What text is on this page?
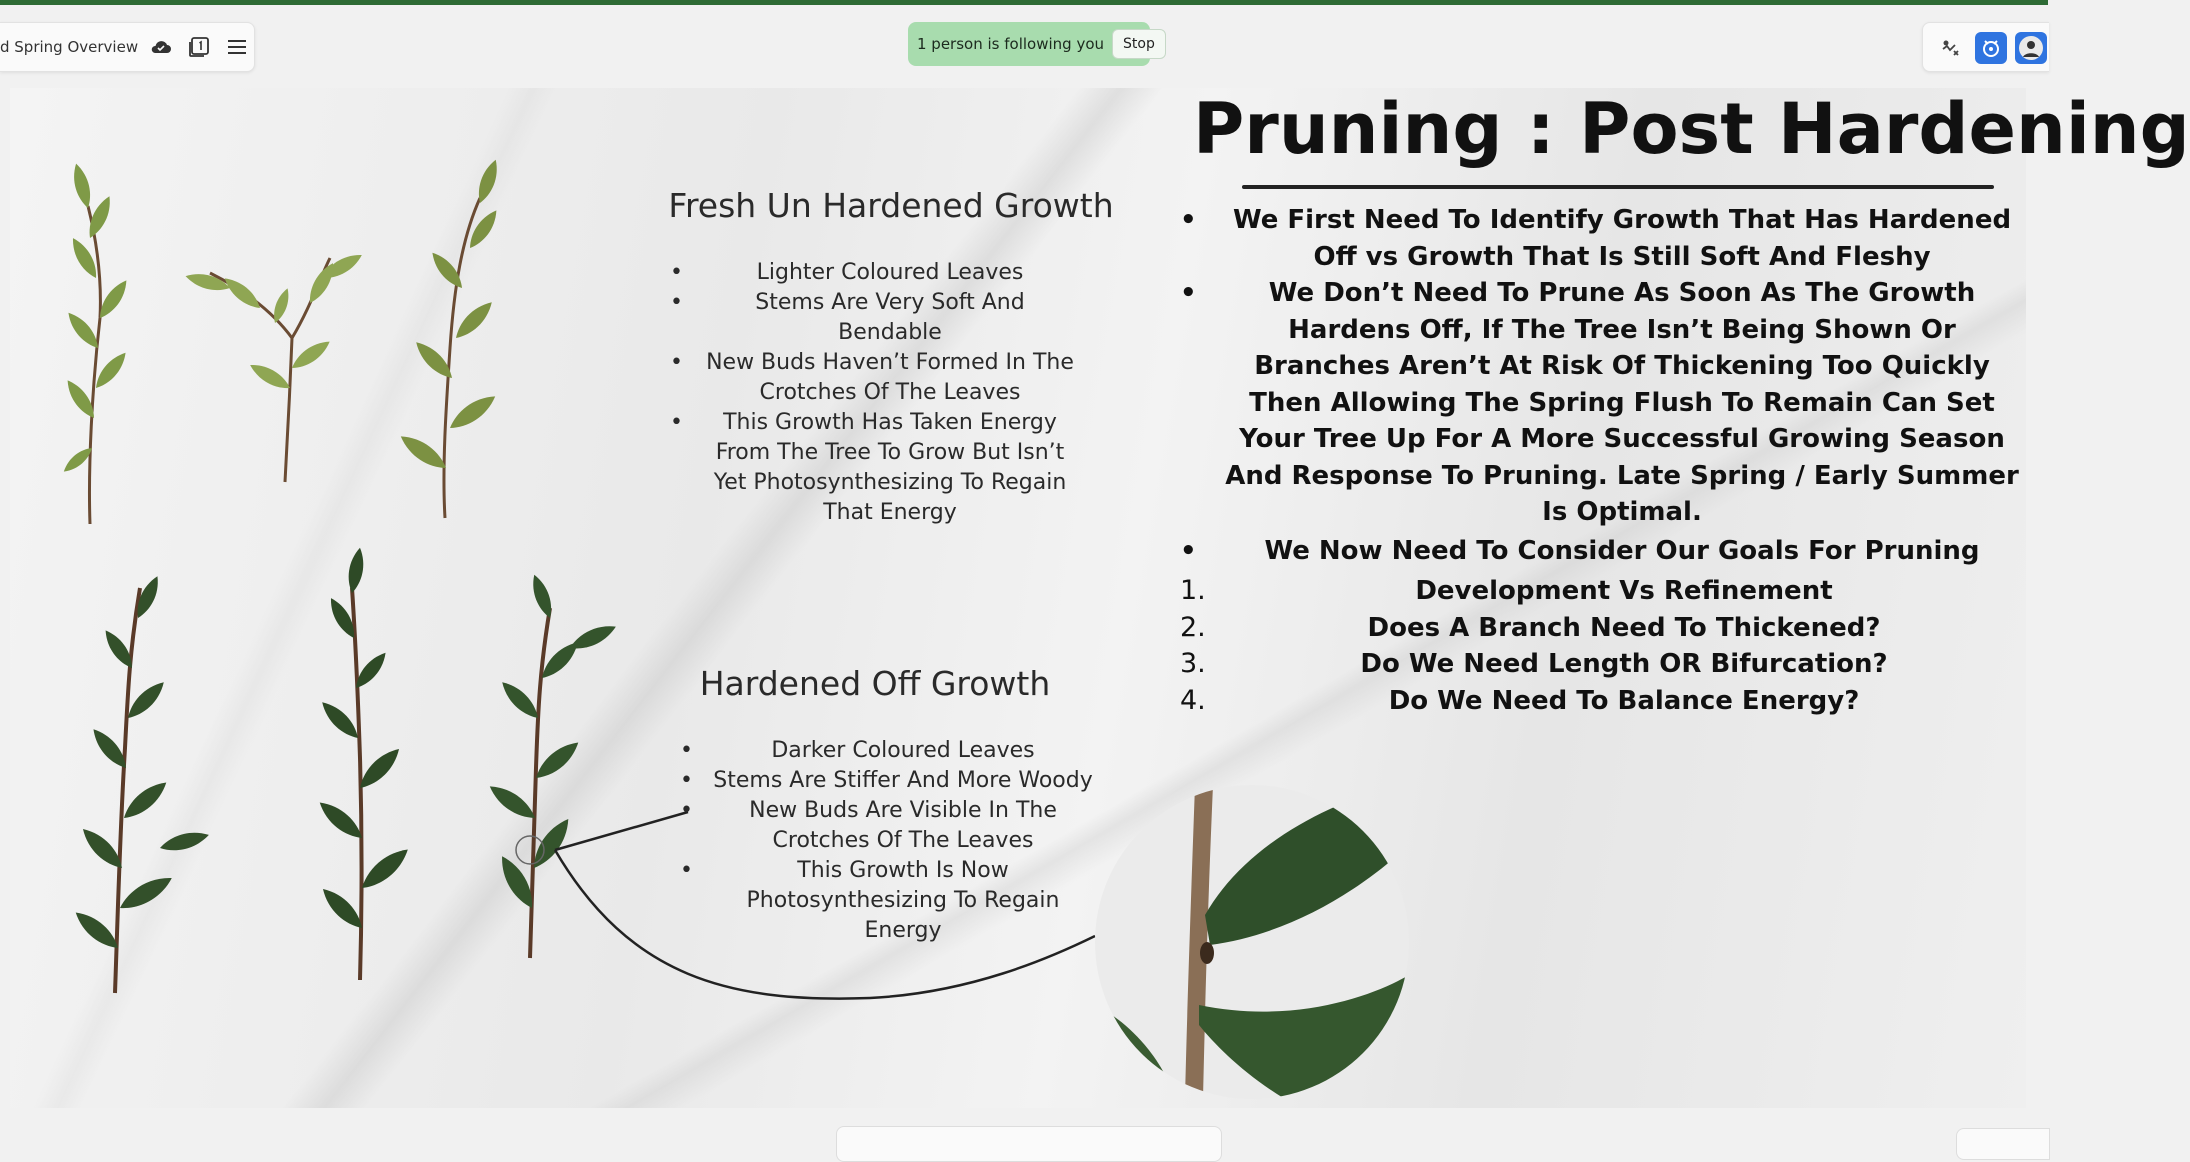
d Spring Overview	1 person is following you	Stop
Fresh Un Hardened Growth
• Lighter Coloured Leaves
• Stems Are Very Soft And Bendable
• New Buds Haven’t Formed In The Crotches Of The Leaves
• This Growth Has Taken Energy From The Tree To Grow But Isn’t Yet Photosynthesizing To Regain That Energy
Hardened Off Growth
• Darker Coloured Leaves
• Stems Are Stiffer And More Woody
• New Buds Are Visible In The Crotches Of The Leaves
• This Growth Is Now Photosynthesizing To Regain Energy
Pruning : Post Hardening
• We First Need To Identify Growth That Has Hardened Off vs Growth That Is Still Soft And Fleshy
• We Don’t Need To Prune As Soon As The Growth Hardens Off, If The Tree Isn’t Being Shown Or Branches Aren’t At Risk Of Thickening Too Quickly Then Allowing The Spring Flush To Remain Can Set Your Tree Up For A More Successful Growing Season And Response To Pruning. Late Spring / Early Summer Is Optimal.
• We Now Need To Consider Our Goals For Pruning
1.	Development Vs Refinement
2.	Does A Branch Need To Thickened?
3.	Do We Need Length OR Bifurcation?
4.	Do We Need To Balance Energy?
